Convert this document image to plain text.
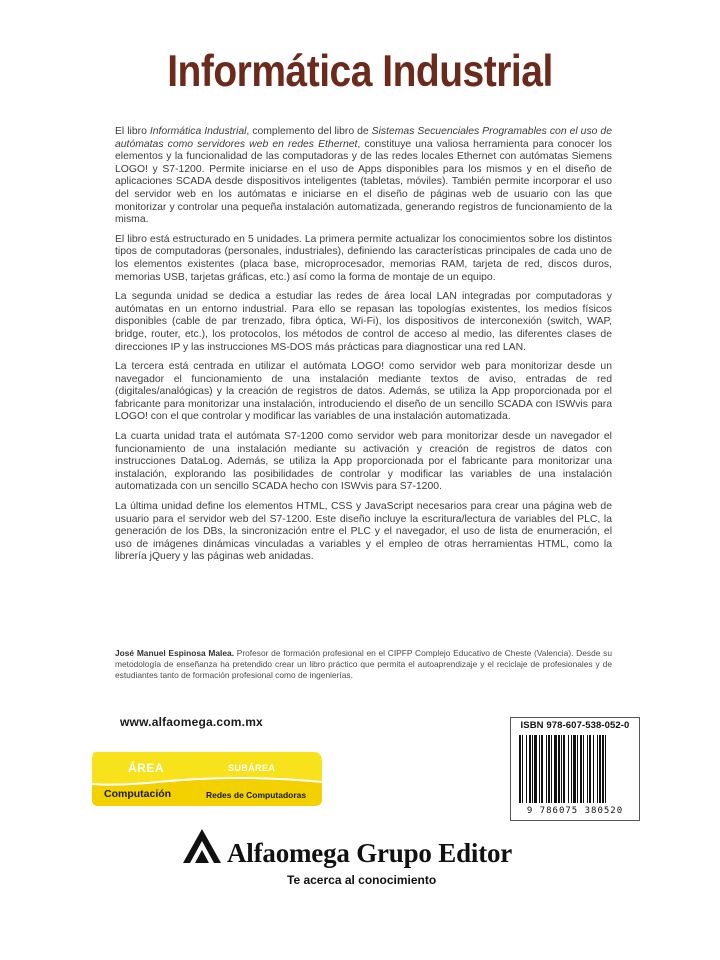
Informática Industrial

El libro Informática Industrial, complemento del libro de Sistemas Secuenciales Programables con el uso de autómatas como servidores web en redes Ethernet, constituye una valiosa herramienta para conocer los elementos y la funcionalidad de las computadoras y de las redes locales Ethernet con autómatas Siemens LOGO! y S7-1200. Permite iniciarse en el uso de Apps disponibles para los mismos y en el diseño de aplicaciones SCADA desde dispositivos inteligentes (tabletas, móviles). También permite incorporar el uso del servidor web en los autómatas e iniciarse en el diseño de páginas web de usuario con las que monitorizar y controlar una pequeña instalación automatizada, generando registros de funcionamiento de la misma.

El libro está estructurado en 5 unidades. La primera permite actualizar los conocimientos sobre los distintos tipos de computadoras (personales, industriales), definiendo las características principales de cada uno de los elementos existentes (placa base, microprocesador, memorias RAM, tarjeta de red, discos duros, memorias USB, tarjetas gráficas, etc.) así como la forma de montaje de un equipo.

La segunda unidad se dedica a estudiar las redes de área local LAN integradas por computadoras y autómatas en un entorno industrial. Para ello se repasan las topologías existentes, los medios físicos disponibles (cable de par trenzado, fibra óptica, Wi-Fi), los dispositivos de interconexión (switch, WAP, bridge, router, etc.), los protocolos, los métodos de control de acceso al medio, las diferentes clases de direcciones IP y las instrucciones MS-DOS más prácticas para diagnosticar una red LAN.

La tercera está centrada en utilizar el autómata LOGO! como servidor web para monitorizar desde un navegador el funcionamiento de una instalación mediante textos de aviso, entradas de red (digitales/analógicas) y la creación de registros de datos. Además, se utiliza la App proporcionada por el fabricante para monitorizar una instalación, introduciendo el diseño de un sencillo SCADA con ISWvis para LOGO! con el que controlar y modificar las variables de una instalación automatizada.

La cuarta unidad trata el autómata S7-1200 como servidor web para monitorizar desde un navegador el funcionamiento de una instalación mediante su activación y creación de registros de datos con instrucciones DataLog. Además, se utiliza la App proporcionada por el fabricante para monitorizar una instalación, explorando las posibilidades de controlar y modificar las variables de una instalación automatizada con un sencillo SCADA hecho con ISWvis para S7-1200.

La última unidad define los elementos HTML, CSS y JavaScript necesarios para crear una página web de usuario para el servidor web del S7-1200. Este diseño incluye la escritura/lectura de variables del PLC, la generación de los DBs, la sincronización entre el PLC y el navegador, el uso de lista de enumeración, el uso de imágenes dinámicas vinculadas a variables y el empleo de otras herramientas HTML, como la librería jQuery y las páginas web anidadas.

José Manuel Espinosa Malea. Profesor de formación profesional en el CIPFP Complejo Educativo de Cheste (Valencia). Desde su metodología de enseñanza ha pretendido crear un libro práctico que permita el autoaprendizaje y el reciclaje de profesionales y de estudiantes tanto de formación profesional como de ingenierías.
www.alfaomega.com.mx
ÁREA	SUBÁREA
Computación	Redes de Computadoras
ISBN 978-607-538-052-0
9 786075 380520
Alfaomega Grupo Editor
Te acerca al conocimiento
